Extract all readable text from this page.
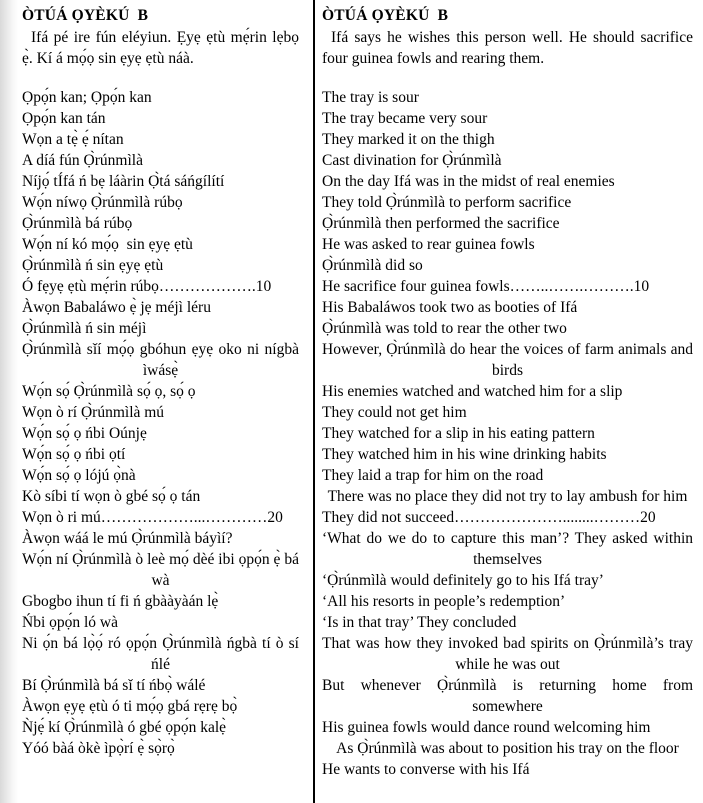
ÒTÚÁ ỌYÈKÚ  B

Ifá pé ire fún eléyiun. Ẹyẹ ẹtù mẹ́rin lẹbọ ẹ̀. Kí á mọ́ọ sin ẹyẹ ẹtù náà.

Ọpọ́n kan; Ọpọ́n kan
Ọpọ́n kan tán
Wọn a tẹ̀ ẹ́ nítan
A díá fún Ọ̀rúnmìlà
Níjọ́ tÍfá ń bẹ láàrin Ọ̀tá sáńgílítí
Wọ́n níwọ Ọ̀rúnmìlà rúbọ
Ọ̀rúnmìlà bá rúbọ
Wọ́n ní kó mọ́ọ  sin ẹyẹ ẹtù
Ọ̀rúnmìlà ń sin ẹyẹ ẹtù
Ó fẹyẹ ẹtù mẹ́rin rúbọ……………….10
Àwọn Babaláwo ẹ̀ jẹ méjì léru
Ọ̀rúnmìlà ń sin méjì
Ọ̀rúnmìlà sǐí mọ́ọ gbóhun ẹyẹ oko ni nígbà ìwásẹ̀
Wọ́n sọ́ Ọ̀rúnmìlà sọ́ ọ, sọ́ ọ
Wọn ò rí Ọ̀rúnmìlà mú
Wọ́n sọ́ ọ ńbi Oúnjẹ
Wọ́n sọ́ ọ ńbi ọtí
Wọ́n sọ́ ọ lójú ọ̀nà
Kò síbi tí wọn ò gbé sọ́ ọ tán
Wọn ò ri mú………………...…………20
Àwọn wáá le mú Ọ̀rúnmìlà báyìí?
Wọ́n ní Ọ̀rúnmìlà ò leè mọ́ dèé ibi ọpọ́n ẹ̀ bá wà
Gbogbo ihun tí fi ń gbààyàán lẹ̀
Ńbi ọpọ́n ló wà
Ni ọ́n bá lọ̀ọ́ ró ọpọ́n Ọ̀rúnmìlà ńgbà tí ò sí ńlé
Bí Ọ̀rúnmìlà bá sǐ tí ńbọ̀ wálé
Àwọn ẹyẹ ẹtù ó ti mọ́ọ gbá rẹrẹ bọ̀
Ǹjẹ́ kí Ọ̀rúnmìlà ó gbé ọpọ́n kalẹ̀
Yóó bàá òkè ìpọ̀rí ẹ̀ sọ̀rọ̀
ÒTÚÁ ỌYÈKÚ  B

Ifá says he wishes this person well. He should sacrifice four guinea fowls and rearing them.

The tray is sour
The tray became very sour
They marked it on the thigh
Cast divination for Ọ̀rúnmìlà
On the day Ifá was in the midst of real enemies
They told Ọ̀rúnmìlà to perform sacrifice
Ọ̀rúnmìlà then performed the sacrifice
He was asked to rear guinea fowls
Ọ̀rúnmìlà did so
He sacrifice four guinea fowls……..…….……….10
His Babaláwos took two as booties of Ifá
Ọ̀rúnmìlà was told to rear the other two
However, Ọ̀rúnmìlà do hear the voices of farm animals and birds
His enemies watched and watched him for a slip
They could not get him
They watched for a slip in his eating pattern
They watched him in his wine drinking habits
They laid a trap for him on the road
There was no place they did not try to lay ambush for him
They did not succeed…………………........………20
‘What do we do to capture this man’? They asked within themselves
‘Ọ̀rúnmìlà would definitely go to his Ifá tray’
‘All his resorts in people’s redemption’
‘Is in that tray’ They concluded
That was how they invoked bad spirits on Ọ̀rúnmìlà’s tray while he was out
But whenever Ọ̀rúnmìlà is returning home from somewhere
His guinea fowls would dance round welcoming him
As Ọ̀rúnmìlà was about to position his tray on the floor
He wants to converse with his Ifá
